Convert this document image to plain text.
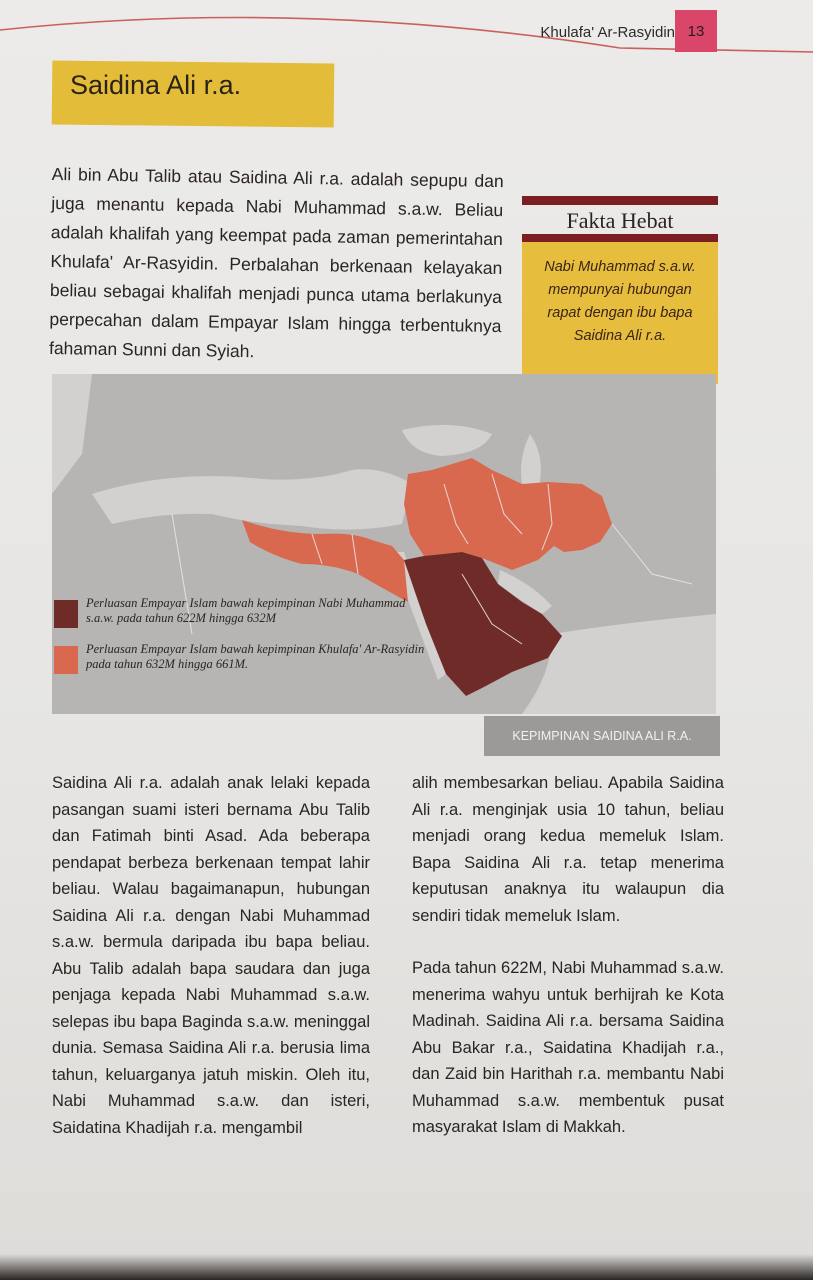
Khulafa' Ar-Rasyidin 13
Saidina Ali r.a.
Ali bin Abu Talib atau Saidina Ali r.a. adalah sepupu dan juga menantu kepada Nabi Muhammad s.a.w. Beliau adalah khalifah yang keempat pada zaman pemerintahan Khulafa' Ar-Rasyidin. Perbalahan berkenaan kelayakan beliau sebagai khalifah menjadi punca utama berlakunya perpecahan dalam Empayar Islam hingga terbentuknya fahaman Sunni dan Syiah.
Fakta Hebat
Nabi Muhammad s.a.w. mempunyai hubungan rapat dengan ibu bapa Saidina Ali r.a.
Perluasan Empayar Islam bawah kepimpinan Nabi Muhammad s.a.w. pada tahun 622M hingga 632M
Perluasan Empayar Islam bawah kepimpinan Khulafa' Ar-Rasyidin pada tahun 632M hingga 661M.
KEPIMPINAN SAIDINA ALI R.A.

Saidina Ali r.a. adalah anak lelaki kepada pasangan suami isteri bernama Abu Talib dan Fatimah binti Asad. Ada beberapa pendapat berbeza berkenaan tempat lahir beliau. Walau bagaimanapun, hubungan Saidina Ali r.a. dengan Nabi Muhammad s.a.w. bermula daripada ibu bapa beliau. Abu Talib adalah bapa saudara dan juga penjaga kepada Nabi Muhammad s.a.w. selepas ibu bapa Baginda s.a.w. meninggal dunia. Semasa Saidina Ali r.a. berusia lima tahun, keluarganya jatuh miskin. Oleh itu, Nabi Muhammad s.a.w. dan isteri, Saidatina Khadijah r.a. mengambil

alih membesarkan beliau. Apabila Saidina Ali r.a. menginjak usia 10 tahun, beliau menjadi orang kedua memeluk Islam. Bapa Saidina Ali r.a. tetap menerima keputusan anaknya itu walaupun dia sendiri tidak memeluk Islam.

Pada tahun 622M, Nabi Muhammad s.a.w. menerima wahyu untuk berhijrah ke Kota Madinah. Saidina Ali r.a. bersama Saidina Abu Bakar r.a., Saidatina Khadijah r.a., dan Zaid bin Harithah r.a. membantu Nabi Muhammad s.a.w. membentuk pusat masyarakat Islam di Makkah.
